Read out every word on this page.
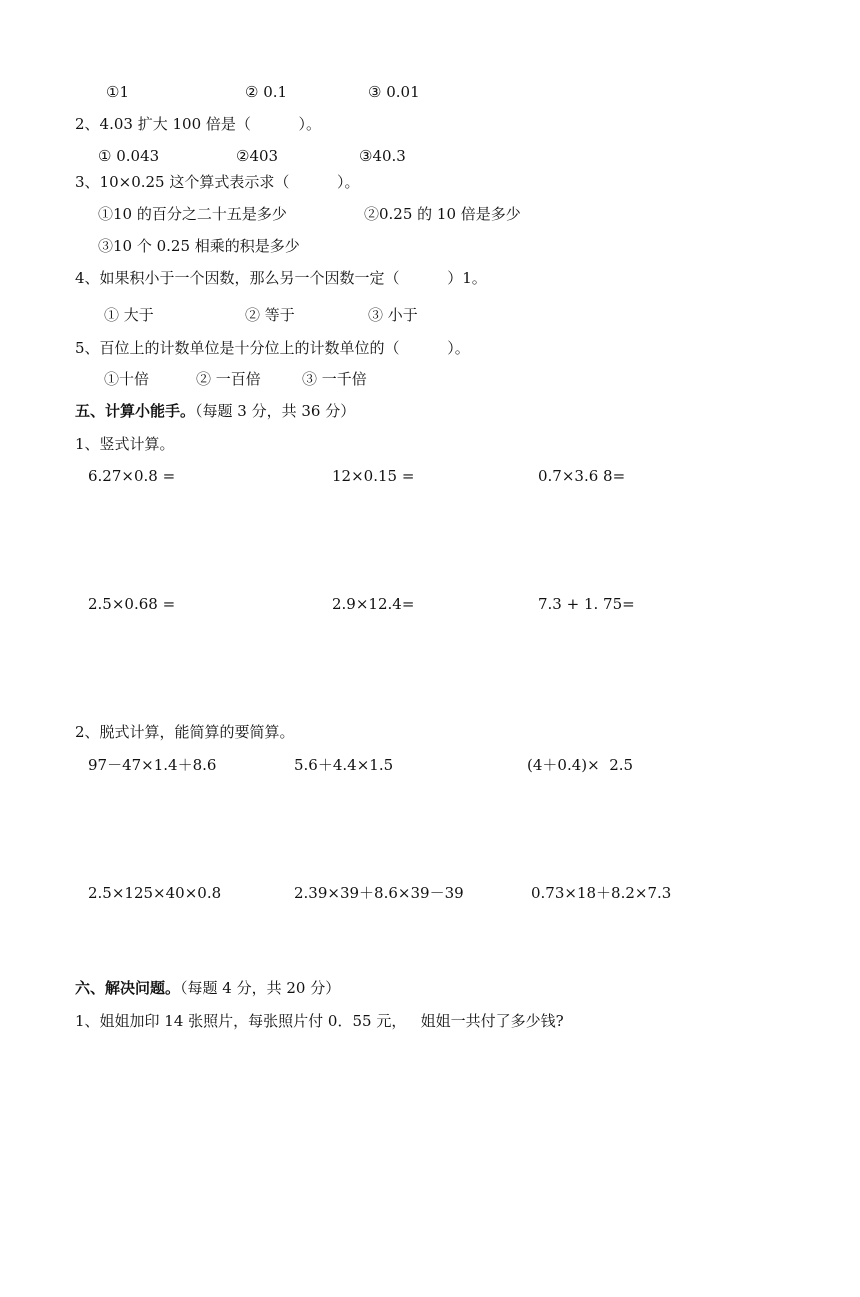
①1	② 0.1	③ 0.01
2、4.03 扩大 100 倍是（          ）。
① 0.043	②403	③40.3
3、10×0.25 这个算式表示求（          ）。
①10 的百分之二十五是多少	②0.25 的 10 倍是多少
③10 个 0.25 相乘的积是多少
4、如果积小于一个因数，那么另一个因数一定（          ）1。
① 大于	② 等于	③ 小于
5、百位上的计数单位是十分位上的计数单位的（          ）。
①十倍	② 一百倍	③ 一千倍
五、计算小能手。（每题 3 分，共 36 分）
1、竖式计算。
6.27×0.8 =	12×0.15 =	0.7×3.6 8=
2.5×0.68 =	2.9×12.4=	7.3 + 1. 75=
2、脱式计算，能简算的要简算。
97－47×1.4＋8.6	5.6＋4.4×1.5	(4＋0.4)×  2.5
2.5×125×40×0.8	2.39×39＋8.6×39－39	0.73×18＋8.2×7.3
六、解决问题。（每题 4 分，共 20 分）
1、姐姐加印 14 张照片，每张照片付 0．55 元，   姐姐一共付了多少钱?
